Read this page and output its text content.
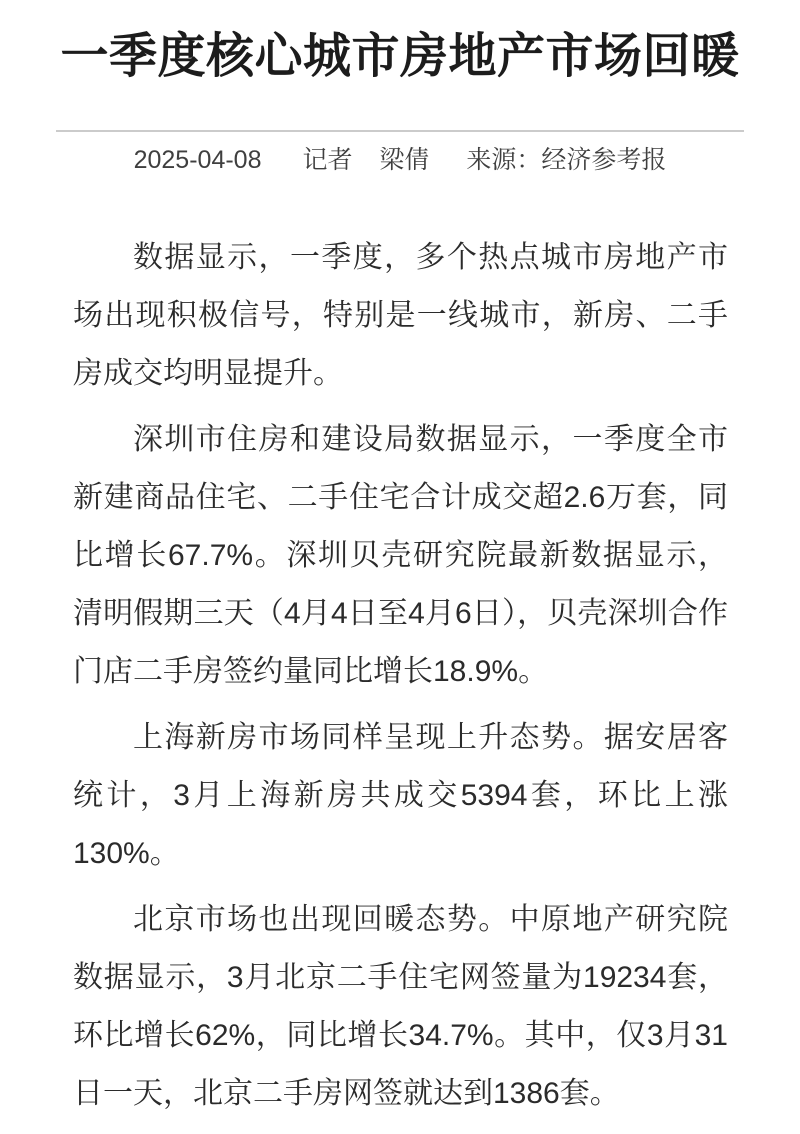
一季度核心城市房地产市场回暖
2025-04-08 记者 梁倩 来源：经济参考报

数据显示，一季度，多个热点城市房地产市场出现积极信号，特别是一线城市，新房、二手房成交均明显提升。

深圳市住房和建设局数据显示，一季度全市新建商品住宅、二手住宅合计成交超2.6万套，同比增长67.7%。深圳贝壳研究院最新数据显示，清明假期三天（4月4日至4月6日），贝壳深圳合作门店二手房签约量同比增长18.9%。

上海新房市场同样呈现上升态势。据安居客统计，3月上海新房共成交5394套，环比上涨130%。

北京市场也出现回暖态势。中原地产研究院数据显示，3月北京二手住宅网签量为19234套，环比增长62%，同比增长34.7%。其中，仅3月31日一天，北京二手房网签就达到1386套。
